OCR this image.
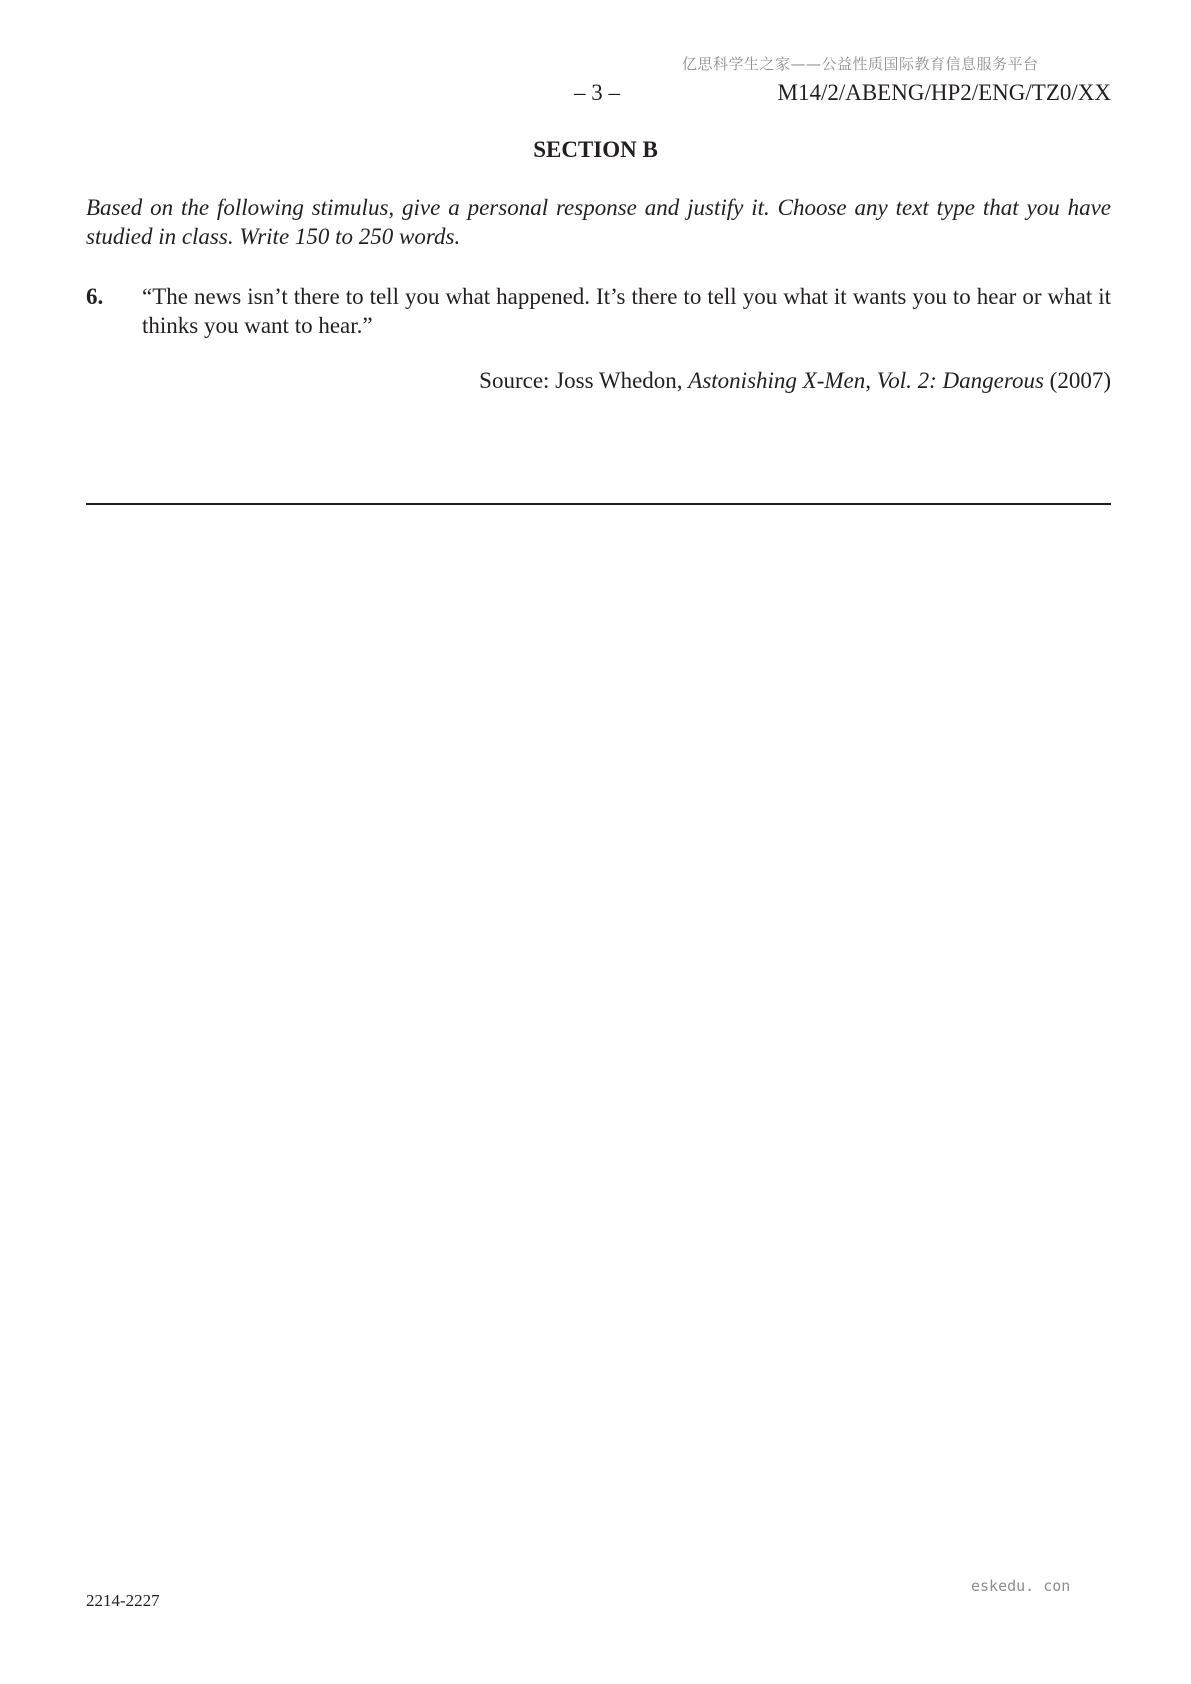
亿思科学生之家——公益性质国际教育信息服务平台
– 3 –	M14/2/ABENG/HP2/ENG/TZ0/XX
SECTION B
Based on the following stimulus, give a personal response and justify it. Choose any text type that you have studied in class. Write 150 to 250 words.
6. “The news isn’t there to tell you what happened. It’s there to tell you what it wants you to hear or what it thinks you want to hear.”
Source: Joss Whedon, Astonishing X-Men, Vol. 2: Dangerous (2007)
2214-2227
eskedu. con
